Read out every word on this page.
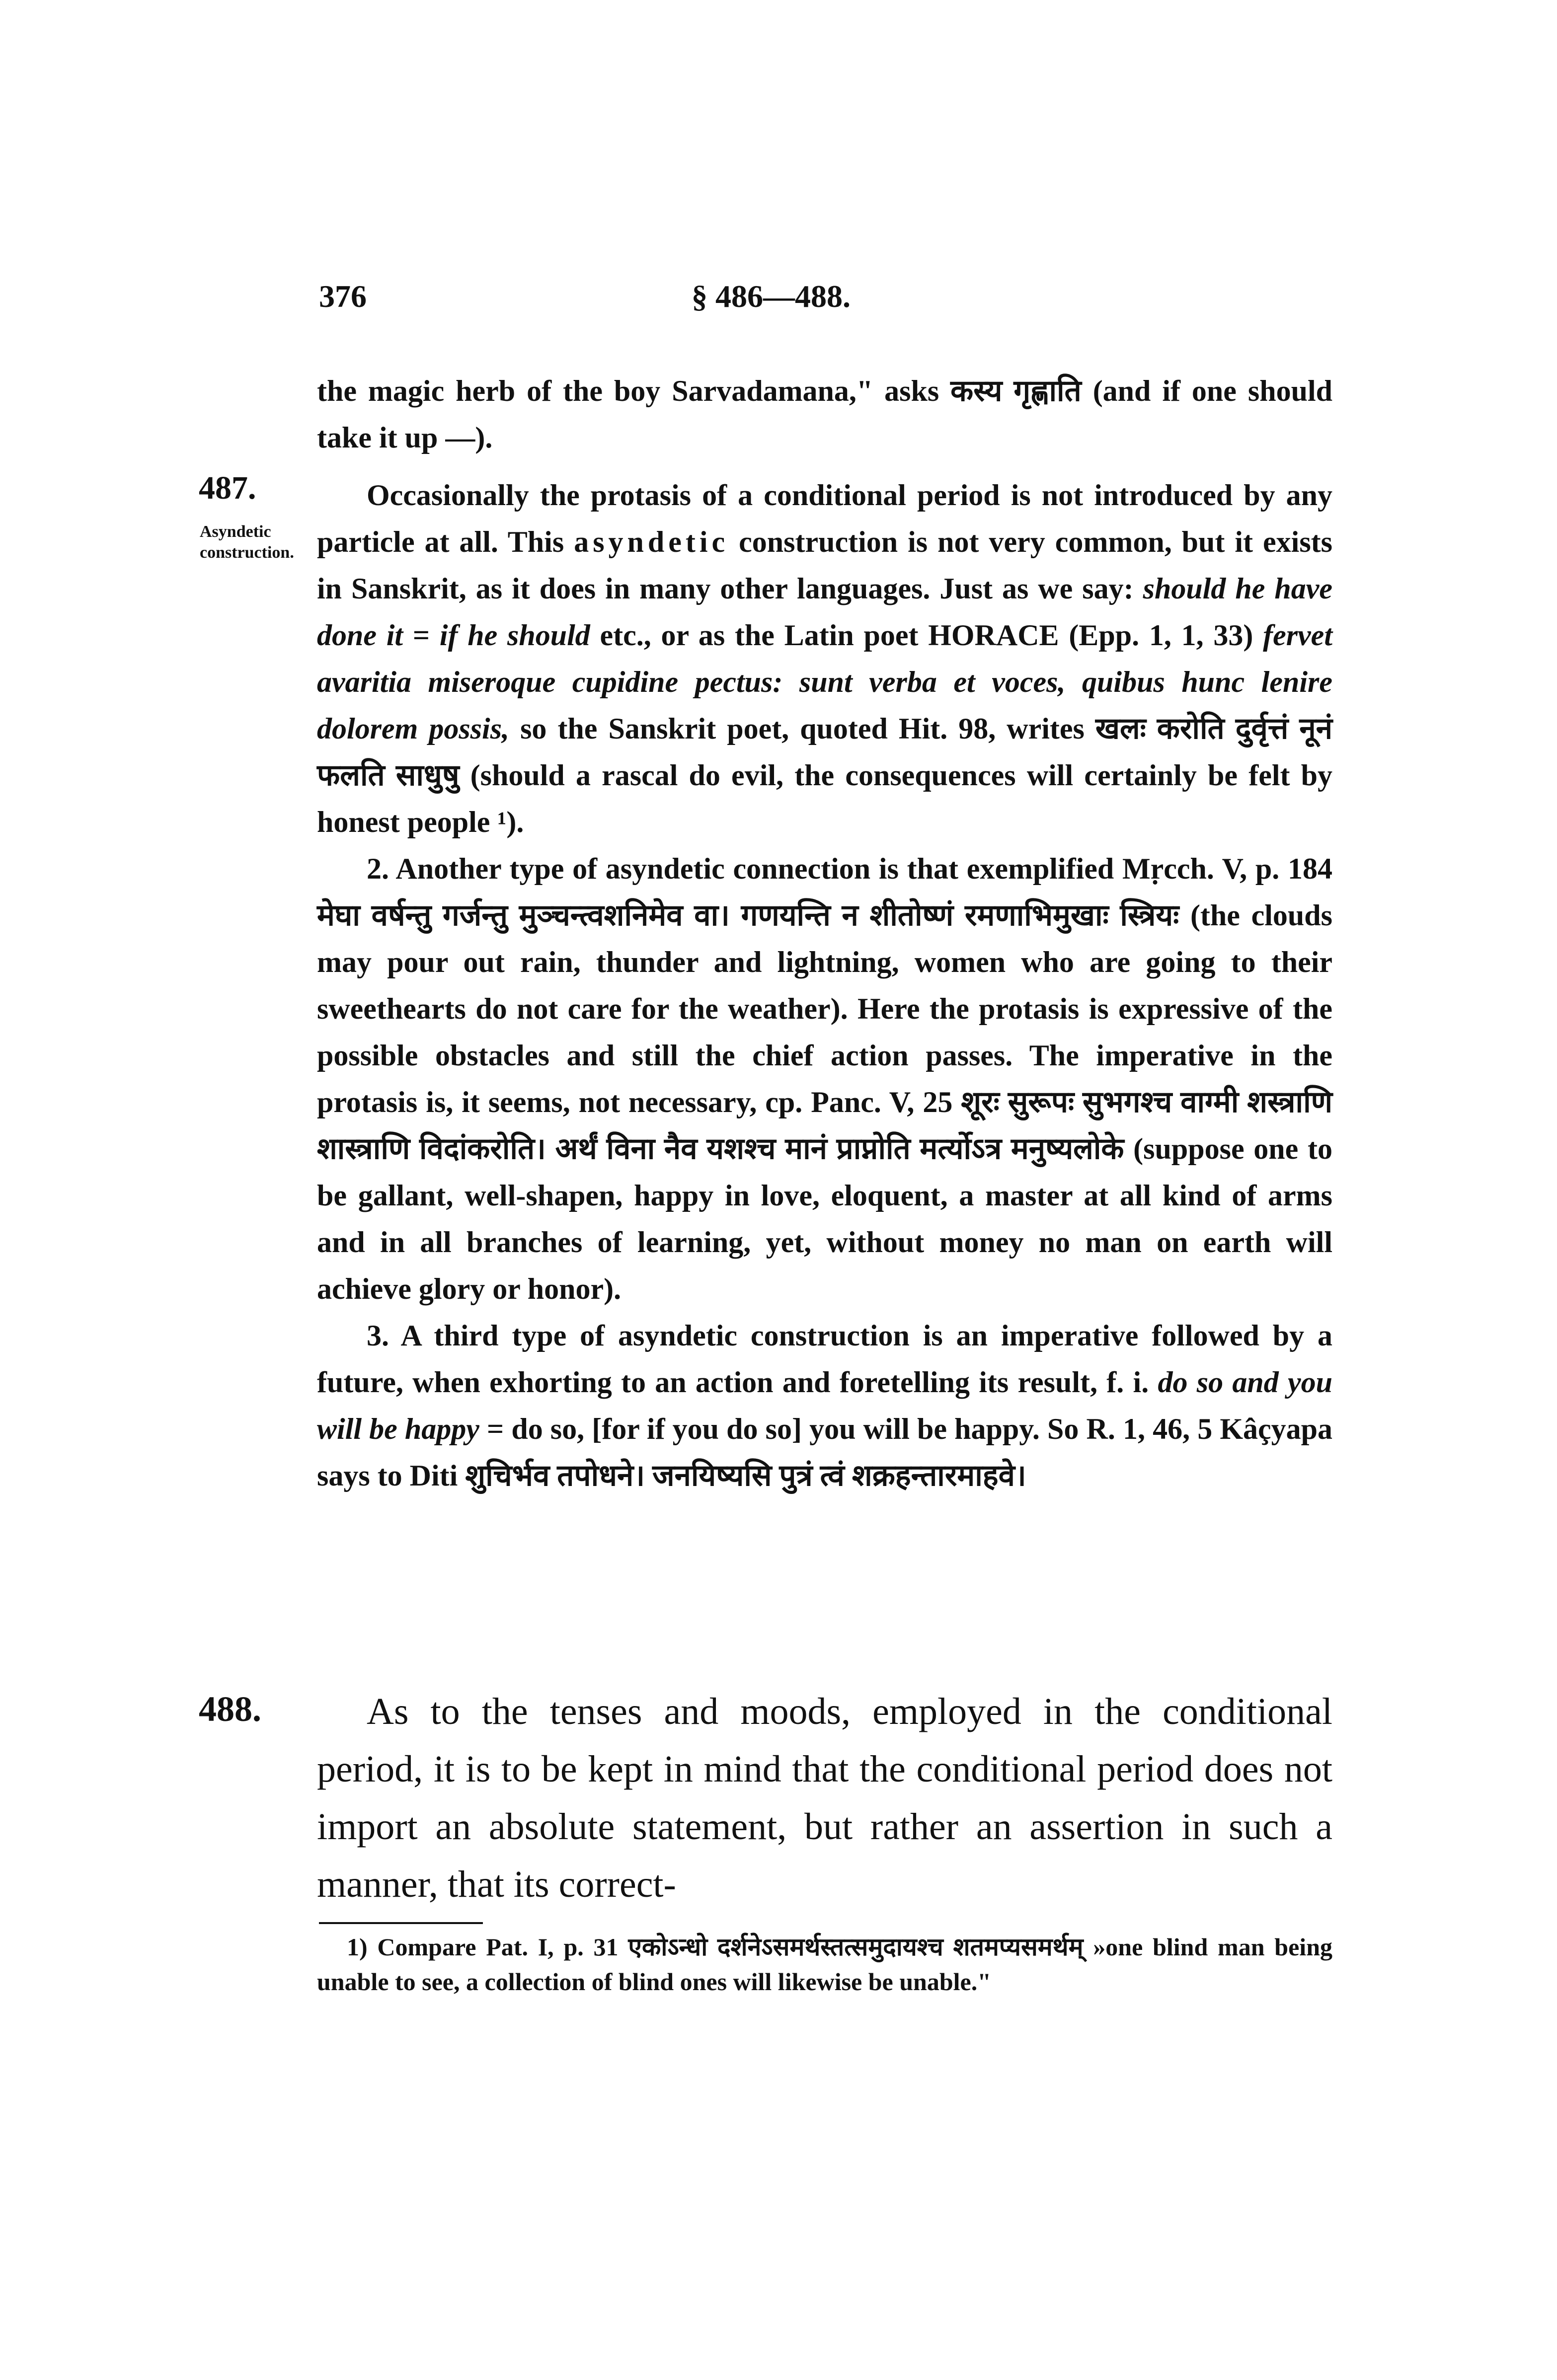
376	§ 486—488.

the magic herb of the boy Sarvadamana," asks कस्य गृह्णाति (and if one should take it up —).

487.
Asyndetic construction.

Occasionally the protasis of a conditional period is not introduced by any particle at all. This asyndetic construction is not very common, but it exists in Sanskrit, as it does in many other languages. Just as we say: should he have done it = if he should etc., or as the Latin poet HORACE (Epp. 1, 1, 33) fervet avaritia miseroque cupidine pectus: sunt verba et voces, quibus hunc lenire dolorem possis, so the Sanskrit poet, quoted Hit. 98, writes खलः करोति दुर्वृत्तं नूनं फलति साधुषु (should a rascal do evil, the consequences will certainly be felt by honest people ¹).

2. Another type of asyndetic connection is that exemplified Mṛcch. V, p. 184 मेघा वर्षन्तु गर्जन्तु मुञ्चन्त्वशनिमेव वा। गणयन्ति न शीतोष्णं रमणाभिमुखाः स्त्रियः (the clouds may pour out rain, thunder and lightning, women who are going to their sweethearts do not care for the weather). Here the protasis is expressive of the possible obstacles and still the chief action passes. The imperative in the protasis is, it seems, not necessary, cp. Panc. V, 25 शूरः सुरूपः सुभगश्च वाग्मी शस्त्राणि शास्त्राणि विदांकरोति। अर्थं विना नैव यशश्च मानं प्राप्नोति मर्त्योऽत्र मनुष्यलोके (suppose one to be gallant, well-shapen, happy in love, eloquent, a master at all kind of arms and in all branches of learning, yet, without money no man on earth will achieve glory or honor).

3. A third type of asyndetic construction is an imperative followed by a future, when exhorting to an action and foretelling its result, f. i. do so and you will be happy = do so, [for if you do so] you will be happy. So R. 1, 46, 5 Kâçyapa says to Diti शुचिर्भव तपोधने। जनयिष्यसि पुत्रं त्वं शक्रहन्तारमाहवे।

488.	As to the tenses and moods, employed in the conditional period, it is to be kept in mind that the conditional period does not import an absolute statement, but rather an assertion in such a manner, that its correct-

1) Compare Pat. I, p. 31 एकोऽन्धो दर्शनेऽसमर्थस्तत्समुदायश्च शतमप्यसमर्थम् »one blind man being unable to see, a collection of blind ones will likewise be unable."
